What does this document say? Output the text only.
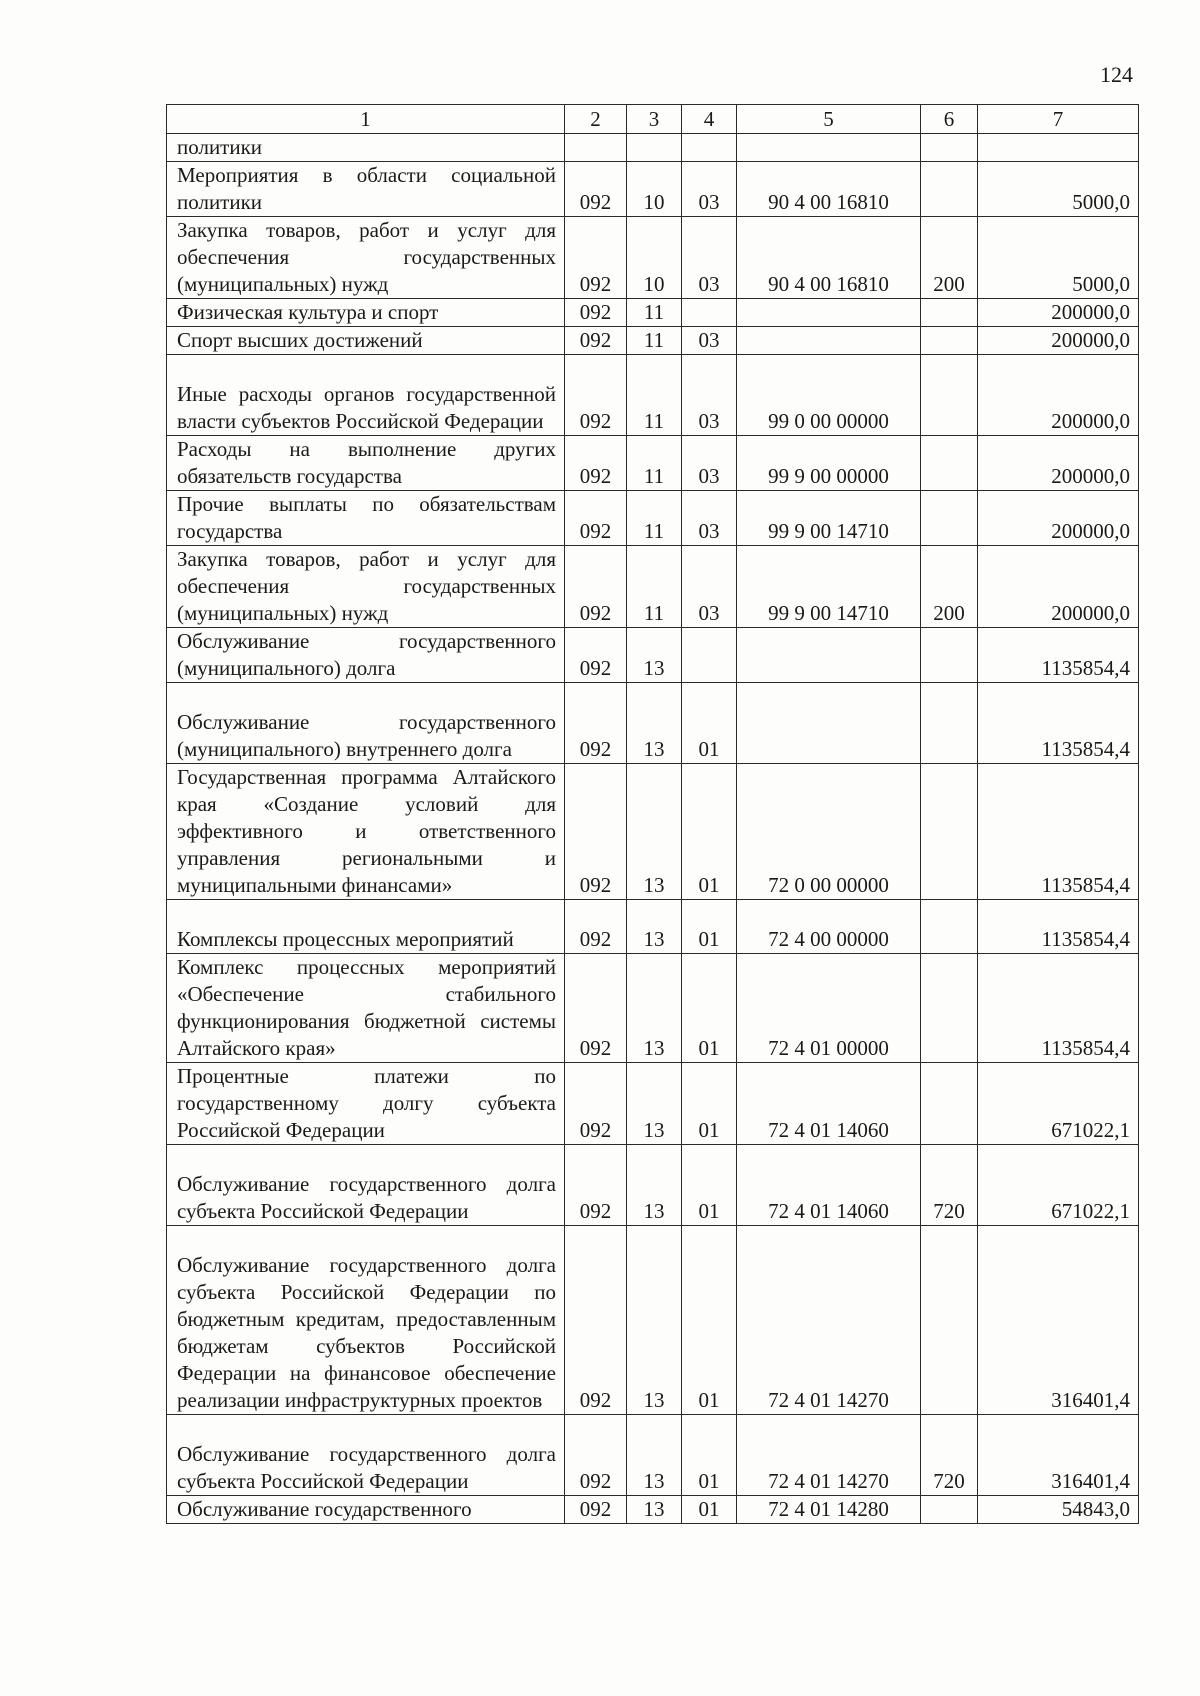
124
1	2	3	4	5	6	7
политики						
Мероприятия в области социальной политики	092	10	03	90 4 00 16810		5000,0
Закупка товаров, работ и услуг для обеспечения государственных (муниципальных) нужд	092	10	03	90 4 00 16810	200	5000,0
Физическая культура и спорт	092	11				200000,0
Спорт высших достижений	092	11	03			200000,0
Иные расходы органов государственной власти субъектов Российской Федерации	092	11	03	99 0 00 00000		200000,0
Расходы на выполнение других обязательств государства	092	11	03	99 9 00 00000		200000,0
Прочие выплаты по обязательствам государства	092	11	03	99 9 00 14710		200000,0
Закупка товаров, работ и услуг для обеспечения государственных (муниципальных) нужд	092	11	03	99 9 00 14710	200	200000,0
Обслуживание государственного (муниципального) долга	092	13				1135854,4
Обслуживание государственного (муниципального) внутреннего долга	092	13	01			1135854,4
Государственная программа Алтайского края «Создание условий для эффективного и ответственного управления региональными и муниципальными финансами»	092	13	01	72 0 00 00000		1135854,4
Комплексы процессных мероприятий	092	13	01	72 4 00 00000		1135854,4
Комплекс процессных мероприятий «Обеспечение стабильного функционирования бюджетной системы Алтайского края»	092	13	01	72 4 01 00000		1135854,4
Процентные платежи по государственному долгу субъекта Российской Федерации	092	13	01	72 4 01 14060		671022,1
Обслуживание государственного долга субъекта Российской Федерации	092	13	01	72 4 01 14060	720	671022,1
Обслуживание государственного долга субъекта Российской Федерации по бюджетным кредитам, предоставленным бюджетам субъектов Российской Федерации на финансовое обеспечение реализации инфраструктурных проектов	092	13	01	72 4 01 14270		316401,4
Обслуживание государственного долга субъекта Российской Федерации	092	13	01	72 4 01 14270	720	316401,4
Обслуживание государственного	092	13	01	72 4 01 14280		54843,0
